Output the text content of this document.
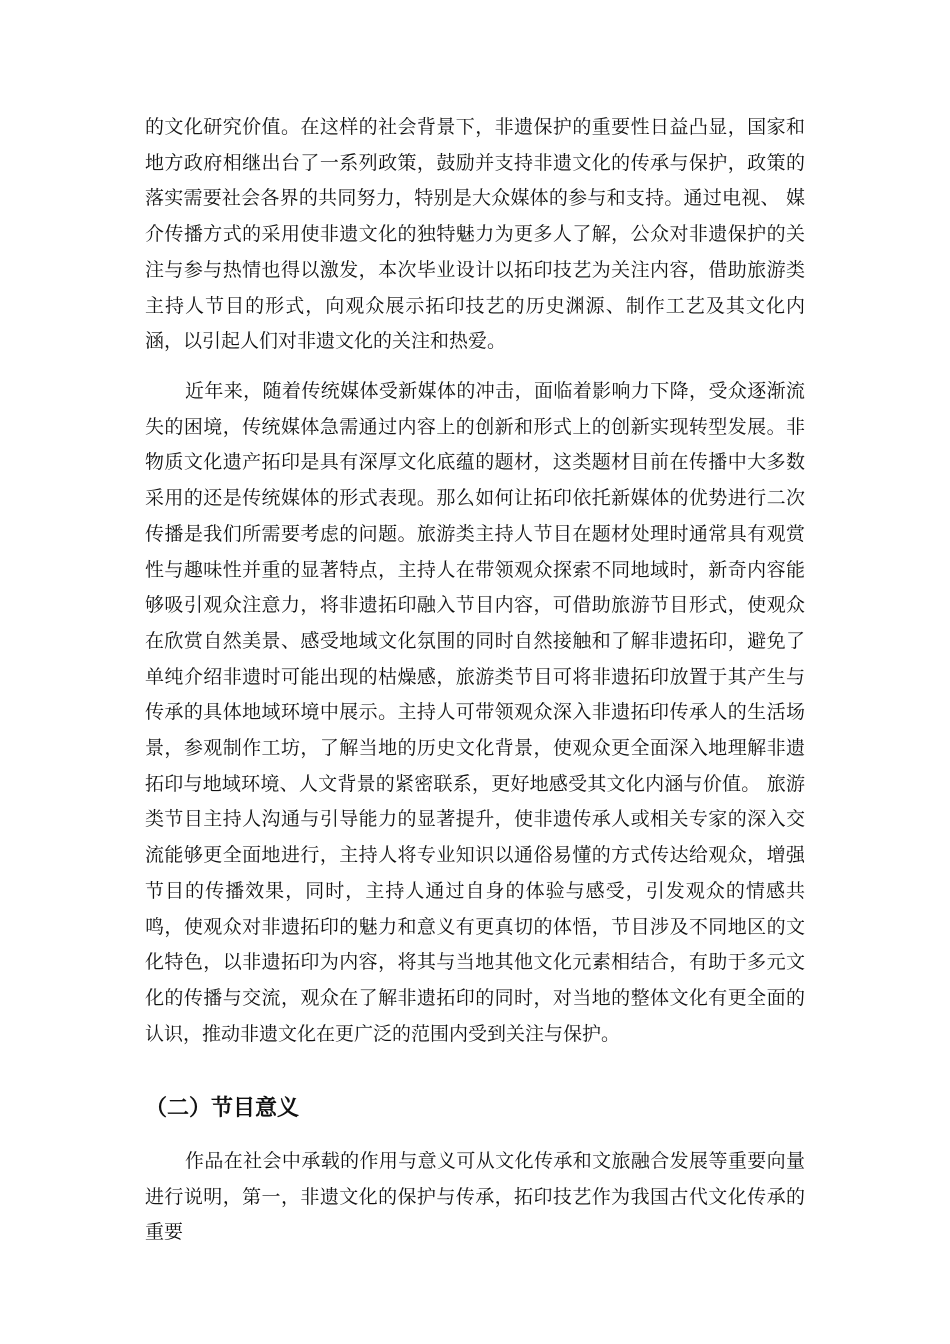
的文化研究价值。在这样的社会背景下，非遗保护的重要性日益凸显，国家和地方政府相继出台了一系列政策，鼓励并支持非遗文化的传承与保护，政策的落实需要社会各界的共同努力，特别是大众媒体的参与和支持。通过电视、 媒介传播方式的采用使非遗文化的独特魅力为更多人了解，公众对非遗保护的关注与参与热情也得以激发，本次毕业设计以拓印技艺为关注内容，借助旅游类主持人节目的形式，向观众展示拓印技艺的历史渊源、制作工艺及其文化内涵，以引起人们对非遗文化的关注和热爱。

近年来，随着传统媒体受新媒体的冲击，面临着影响力下降，受众逐渐流失的困境，传统媒体急需通过内容上的创新和形式上的创新实现转型发展。非物质文化遗产拓印是具有深厚文化底蕴的题材，这类题材目前在传播中大多数采用的还是传统媒体的形式表现。那么如何让拓印依托新媒体的优势进行二次传播是我们所需要考虑的问题。旅游类主持人节目在题材处理时通常具有观赏性与趣味性并重的显著特点，主持人在带领观众探索不同地域时，新奇内容能够吸引观众注意力，将非遗拓印融入节目内容，可借助旅游节目形式，使观众在欣赏自然美景、感受地域文化氛围的同时自然接触和了解非遗拓印，避免了单纯介绍非遗时可能出现的枯燥感，旅游类节目可将非遗拓印放置于其产生与传承的具体地域环境中展示。主持人可带领观众深入非遗拓印传承人的生活场景，参观制作工坊，了解当地的历史文化背景，使观众更全面深入地理解非遗拓印与地域环境、人文背景的紧密联系，更好地感受其文化内涵与价值。 旅游类节目主持人沟通与引导能力的显著提升，使非遗传承人或相关专家的深入交流能够更全面地进行，主持人将专业知识以通俗易懂的方式传达给观众，增强节目的传播效果，同时，主持人通过自身的体验与感受，引发观众的情感共鸣，使观众对非遗拓印的魅力和意义有更真切的体悟，节目涉及不同地区的文化特色，以非遗拓印为内容，将其与当地其他文化元素相结合，有助于多元文化的传播与交流，观众在了解非遗拓印的同时，对当地的整体文化有更全面的认识，推动非遗文化在更广泛的范围内受到关注与保护。

（二）节目意义

作品在社会中承载的作用与意义可从文化传承和文旅融合发展等重要向量进行说明，第一，非遗文化的保护与传承，拓印技艺作为我国古代文化传承的重要
